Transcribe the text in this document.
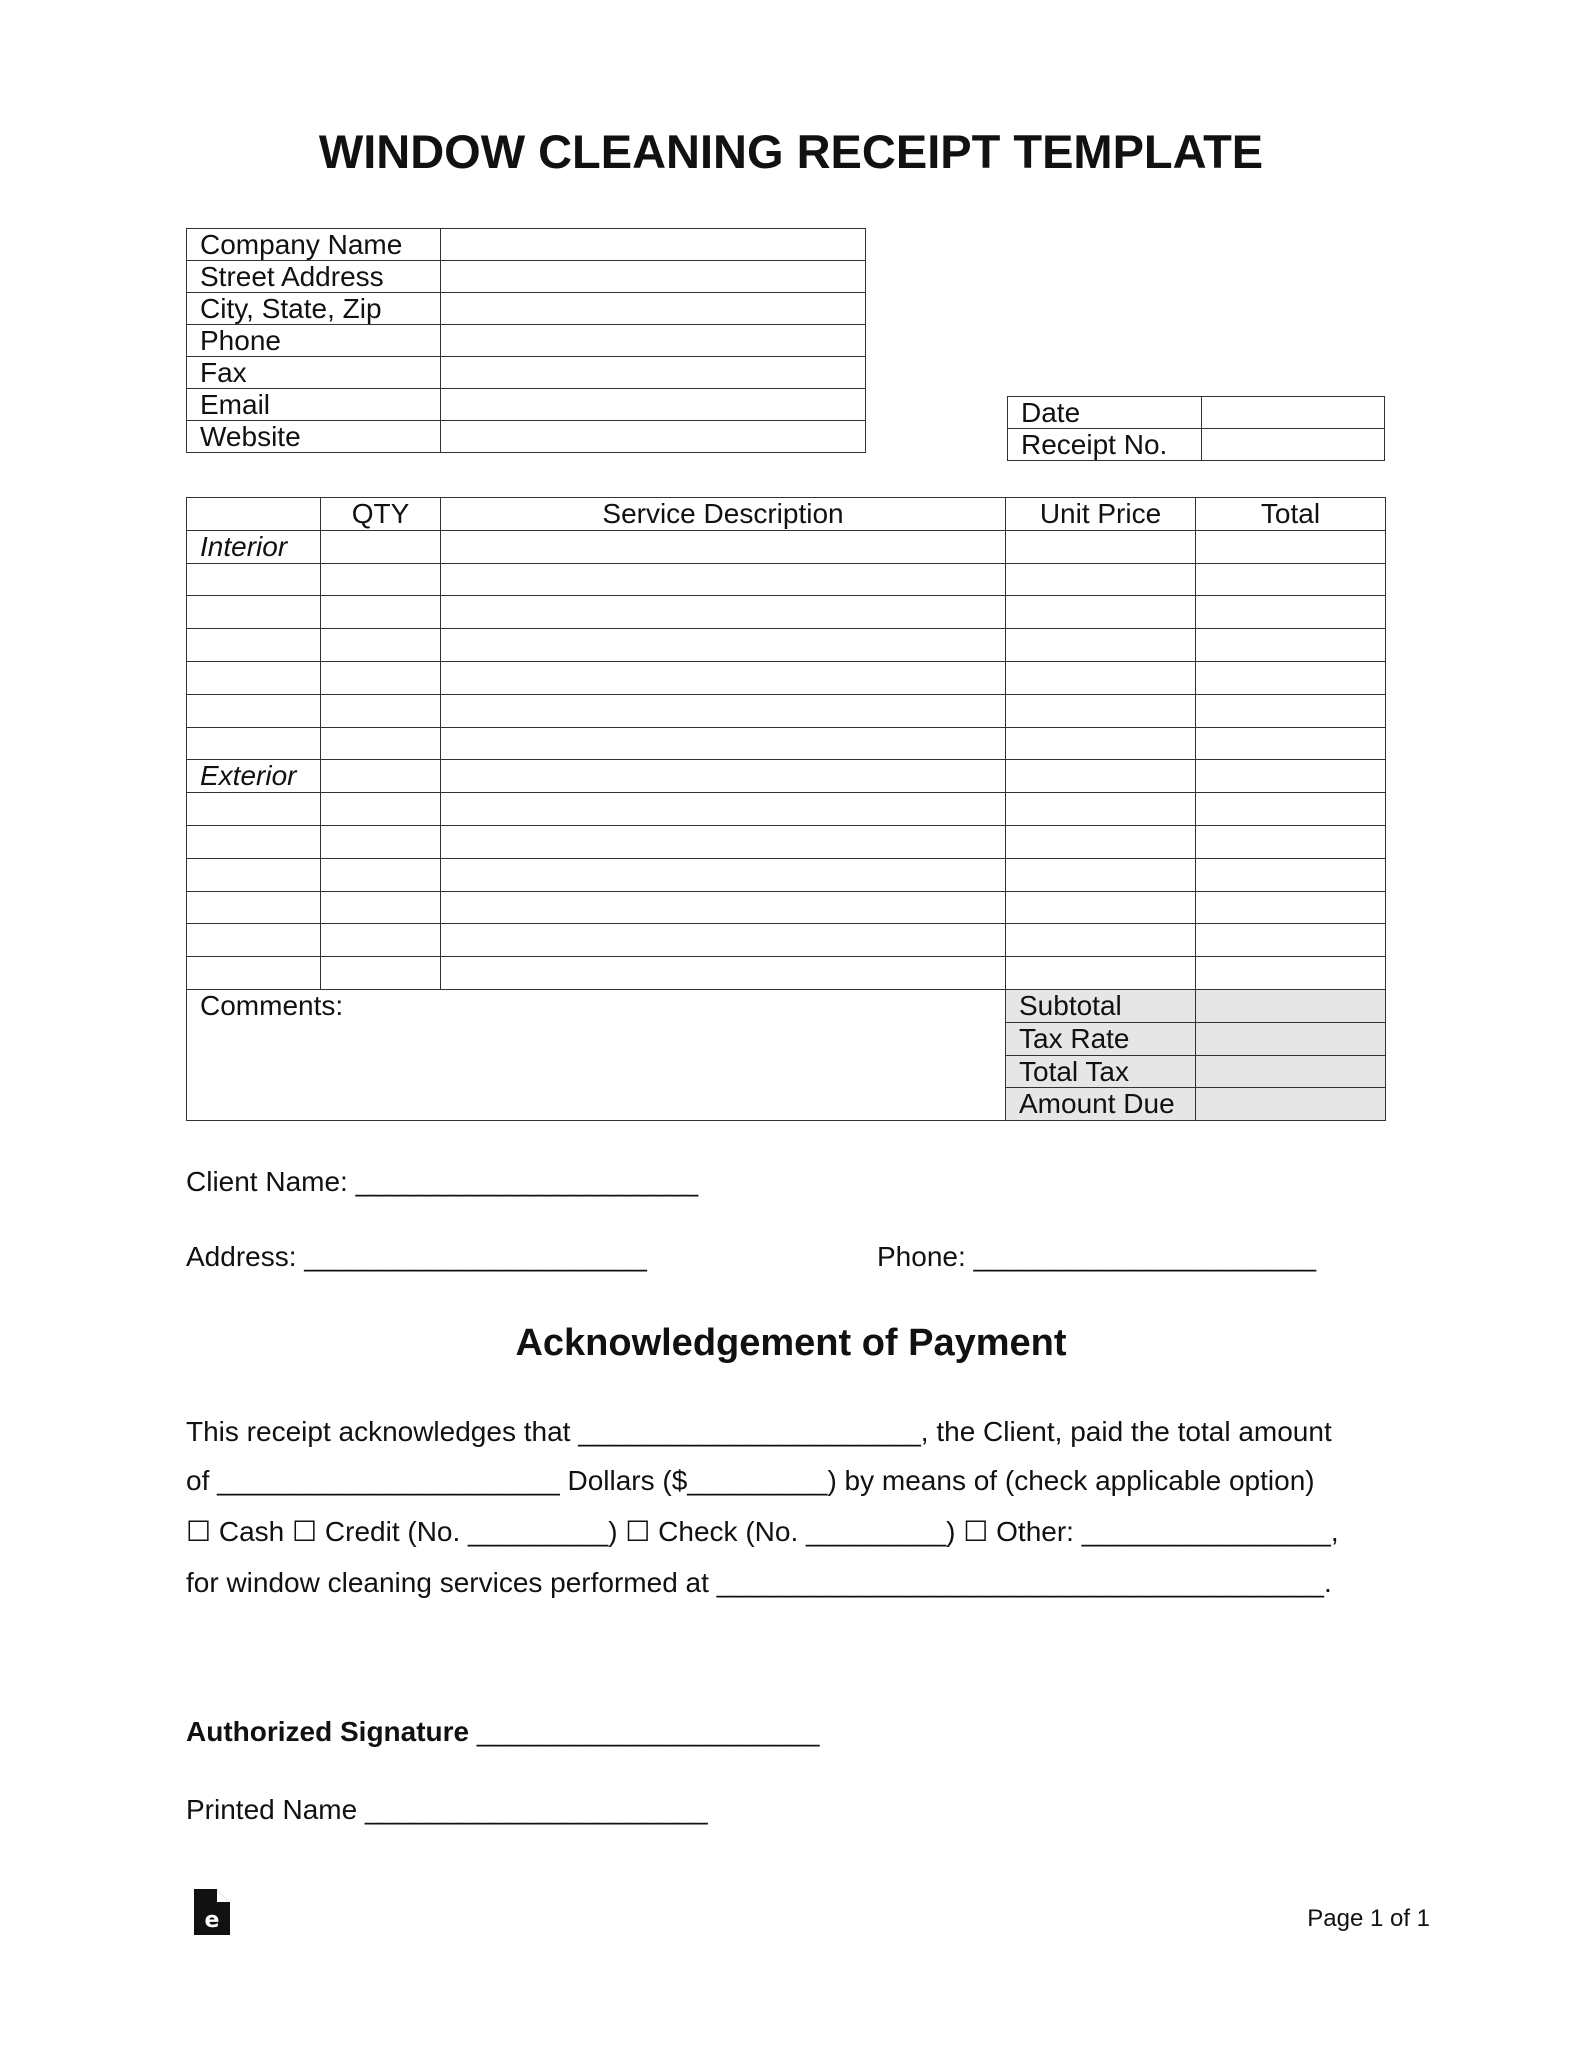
WINDOW CLEANING RECEIPT TEMPLATE
Company Name	
Street Address	
City, State, Zip	
Phone	
Fax	
Email	
Website	
Date	
Receipt No.	
	QTY	Service Description	Unit Price	Total
Interior				

Exterior				

Comments:			Subtotal	
			Tax Rate	
			Total Tax	
			Amount Due	
Client Name: ______________________
Address: ______________________	Phone: ______________________
Acknowledgement of Payment
This receipt acknowledges that ______________________, the Client, paid the total amount
of ______________________ Dollars ($_________) by means of (check applicable option)
☐ Cash ☐ Credit (No. _________) ☐ Check (No. _________) ☐ Other: ________________,
for window cleaning services performed at _______________________________________.
Authorized Signature ______________________
Printed Name ______________________
e	Page 1 of 1
